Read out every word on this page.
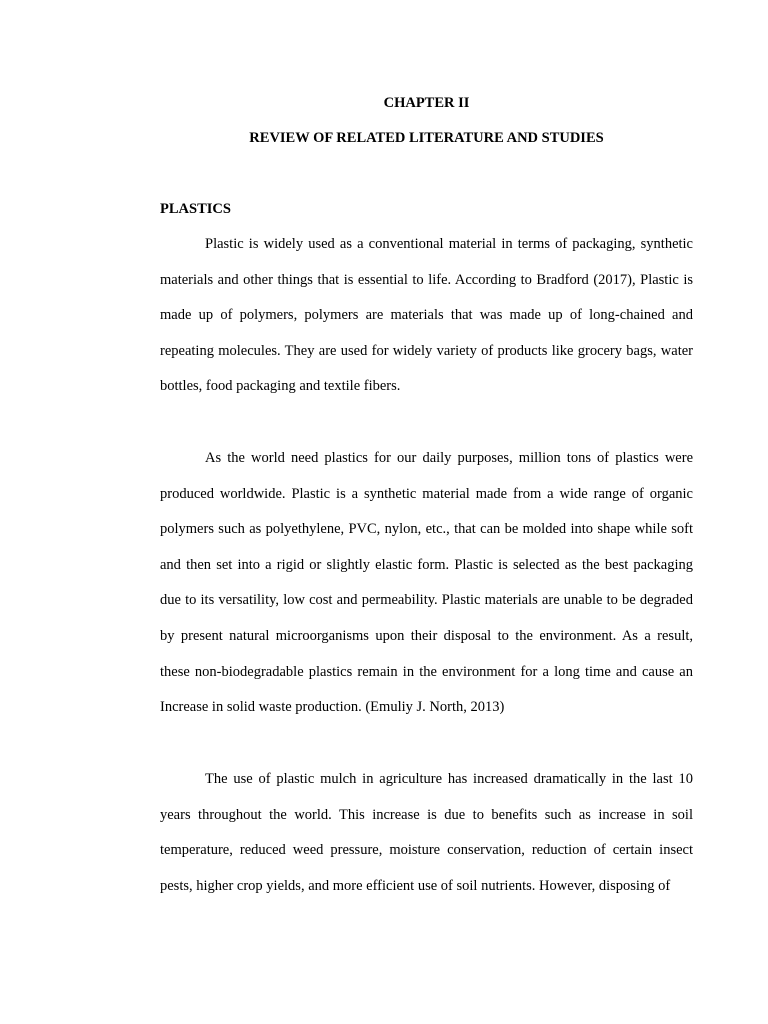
CHAPTER II
REVIEW OF RELATED LITERATURE AND STUDIES
PLASTICS

Plastic is widely used as a conventional material in terms of packaging, synthetic materials and other things that is essential to life. According to Bradford (2017), Plastic is made up of polymers, polymers are materials that was made up of long-chained and repeating molecules. They are used for widely variety of products like grocery bags, water bottles, food packaging and textile fibers.

As the world need plastics for our daily purposes, million tons of plastics were produced worldwide. Plastic is a synthetic material made from a wide range of organic polymers such as polyethylene, PVC, nylon, etc., that can be molded into shape while soft and then set into a rigid or slightly elastic form. Plastic is selected as the best packaging due to its versatility, low cost and permeability. Plastic materials are unable to be degraded by present natural microorganisms upon their disposal to the environment. As a result, these non-biodegradable plastics remain in the environment for a long time and cause an Increase in solid waste production. (Emuliy J. North, 2013)

The use of plastic mulch in agriculture has increased dramatically in the last 10 years throughout the world. This increase is due to benefits such as increase in soil temperature, reduced weed pressure, moisture conservation, reduction of certain insect pests, higher crop yields, and more efficient use of soil nutrients. However, disposing of
